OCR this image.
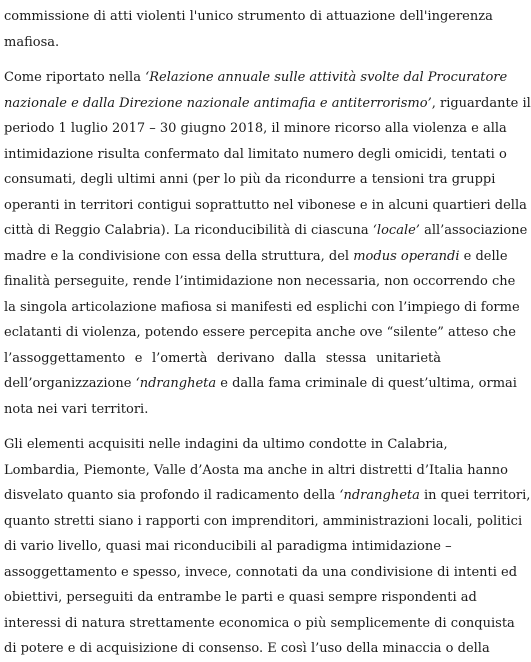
commissione di atti violenti l'unico strumento di attuazione dell'ingerenza
mafiosa.
Come riportato nella ‘Relazione annuale sulle attività svolte dal Procuratore
nazionale e dalla Direzione nazionale antimafia e antiterrorismo’, riguardante il
periodo 1 luglio 2017 – 30 giugno 2018, il minore ricorso alla violenza e alla
intimidazione risulta confermato dal limitato numero degli omicidi, tentati o
consumati, degli ultimi anni (per lo più da ricondurre a tensioni tra gruppi
operanti in territori contigui soprattutto nel vibonese e in alcuni quartieri della
città di Reggio Calabria). La riconducibilità di ciascuna ‘locale’ all’associazione
madre e la condivisione con essa della struttura, del modus operandi e delle
finalità perseguite, rende l’intimidazione non necessaria, non occorrendo che
la singola articolazione mafiosa si manifesti ed esplichi con l’impiego di forme
eclatanti di violenza, potendo essere percepita anche ove “silente” atteso che
l’assoggettamento e l’omertà derivano dalla stessa unitarietà
dell’organizzazione ‘ndrangheta e dalla fama criminale di quest’ultima, ormai
nota nei vari territori.
Gli elementi acquisiti nelle indagini da ultimo condotte in Calabria,
Lombardia, Piemonte, Valle d’Aosta ma anche in altri distretti d’Italia hanno
disvelato quanto sia profondo il radicamento della ‘ndrangheta in quei territori,
quanto stretti siano i rapporti con imprenditori, amministrazioni locali, politici
di vario livello, quasi mai riconducibili al paradigma intimidazione –
assoggettamento e spesso, invece, connotati da una condivisione di intenti ed
obiettivi, perseguiti da entrambe le parti e quasi sempre rispondenti ad
interessi di natura strettamente economica o più semplicemente di conquista
di potere e di acquisizione di consenso. E così l’uso della minaccia o della
